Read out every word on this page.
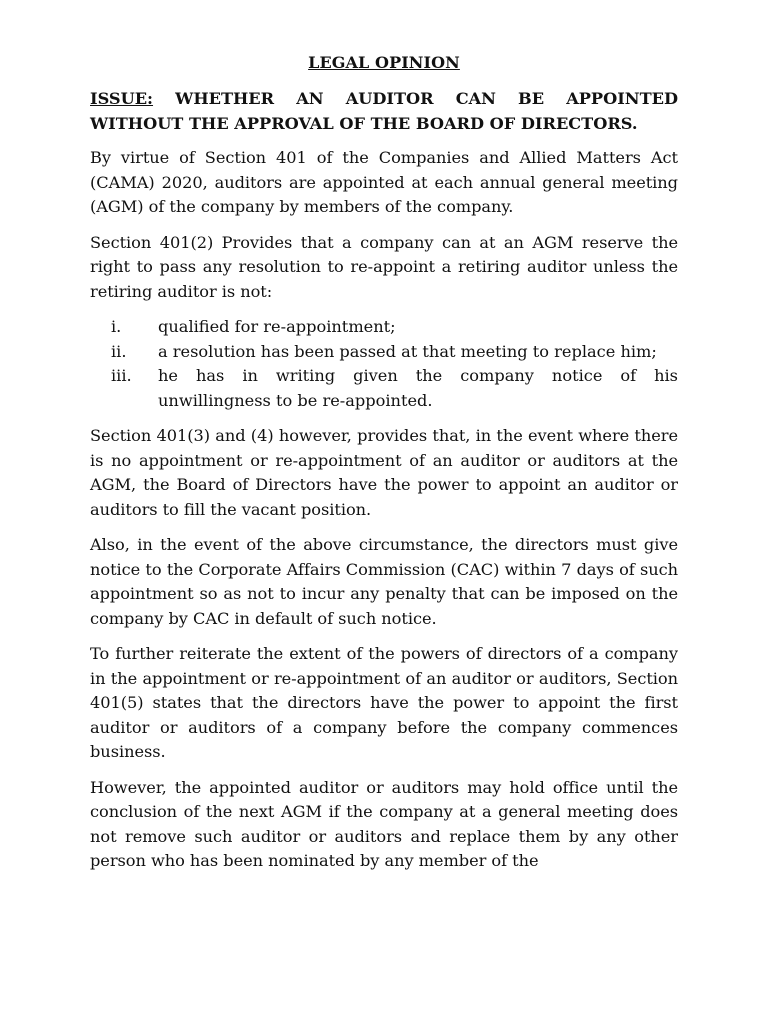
LEGAL OPINION
ISSUE: WHETHER AN AUDITOR CAN BE APPOINTED WITHOUT THE APPROVAL OF THE BOARD OF DIRECTORS.

By virtue of Section 401 of the Companies and Allied Matters Act (CAMA) 2020, auditors are appointed at each annual general meeting (AGM) of the company by members of the company.

Section 401(2) Provides that a company can at an AGM reserve the right to pass any resolution to re-appoint a retiring auditor unless the retiring auditor is not:

i.	qualified for re-appointment;
ii.	a resolution has been passed at that meeting to replace him;
iii.	he has in writing given the company notice of his unwillingness to be re-appointed.

Section 401(3) and (4) however, provides that, in the event where there is no appointment or re-appointment of an auditor or auditors at the AGM, the Board of Directors have the power to appoint an auditor or auditors to fill the vacant position.

Also, in the event of the above circumstance, the directors must give notice to the Corporate Affairs Commission (CAC) within 7 days of such appointment so as not to incur any penalty that can be imposed on the company by CAC in default of such notice.

To further reiterate the extent of the powers of directors of a company in the appointment or re-appointment of an auditor or auditors, Section 401(5) states that the directors have the power to appoint the first auditor or auditors of a company before the company commences business.

However, the appointed auditor or auditors may hold office until the conclusion of the next AGM if the company at a general meeting does not remove such auditor or auditors and replace them by any other person who has been nominated by any member of the
